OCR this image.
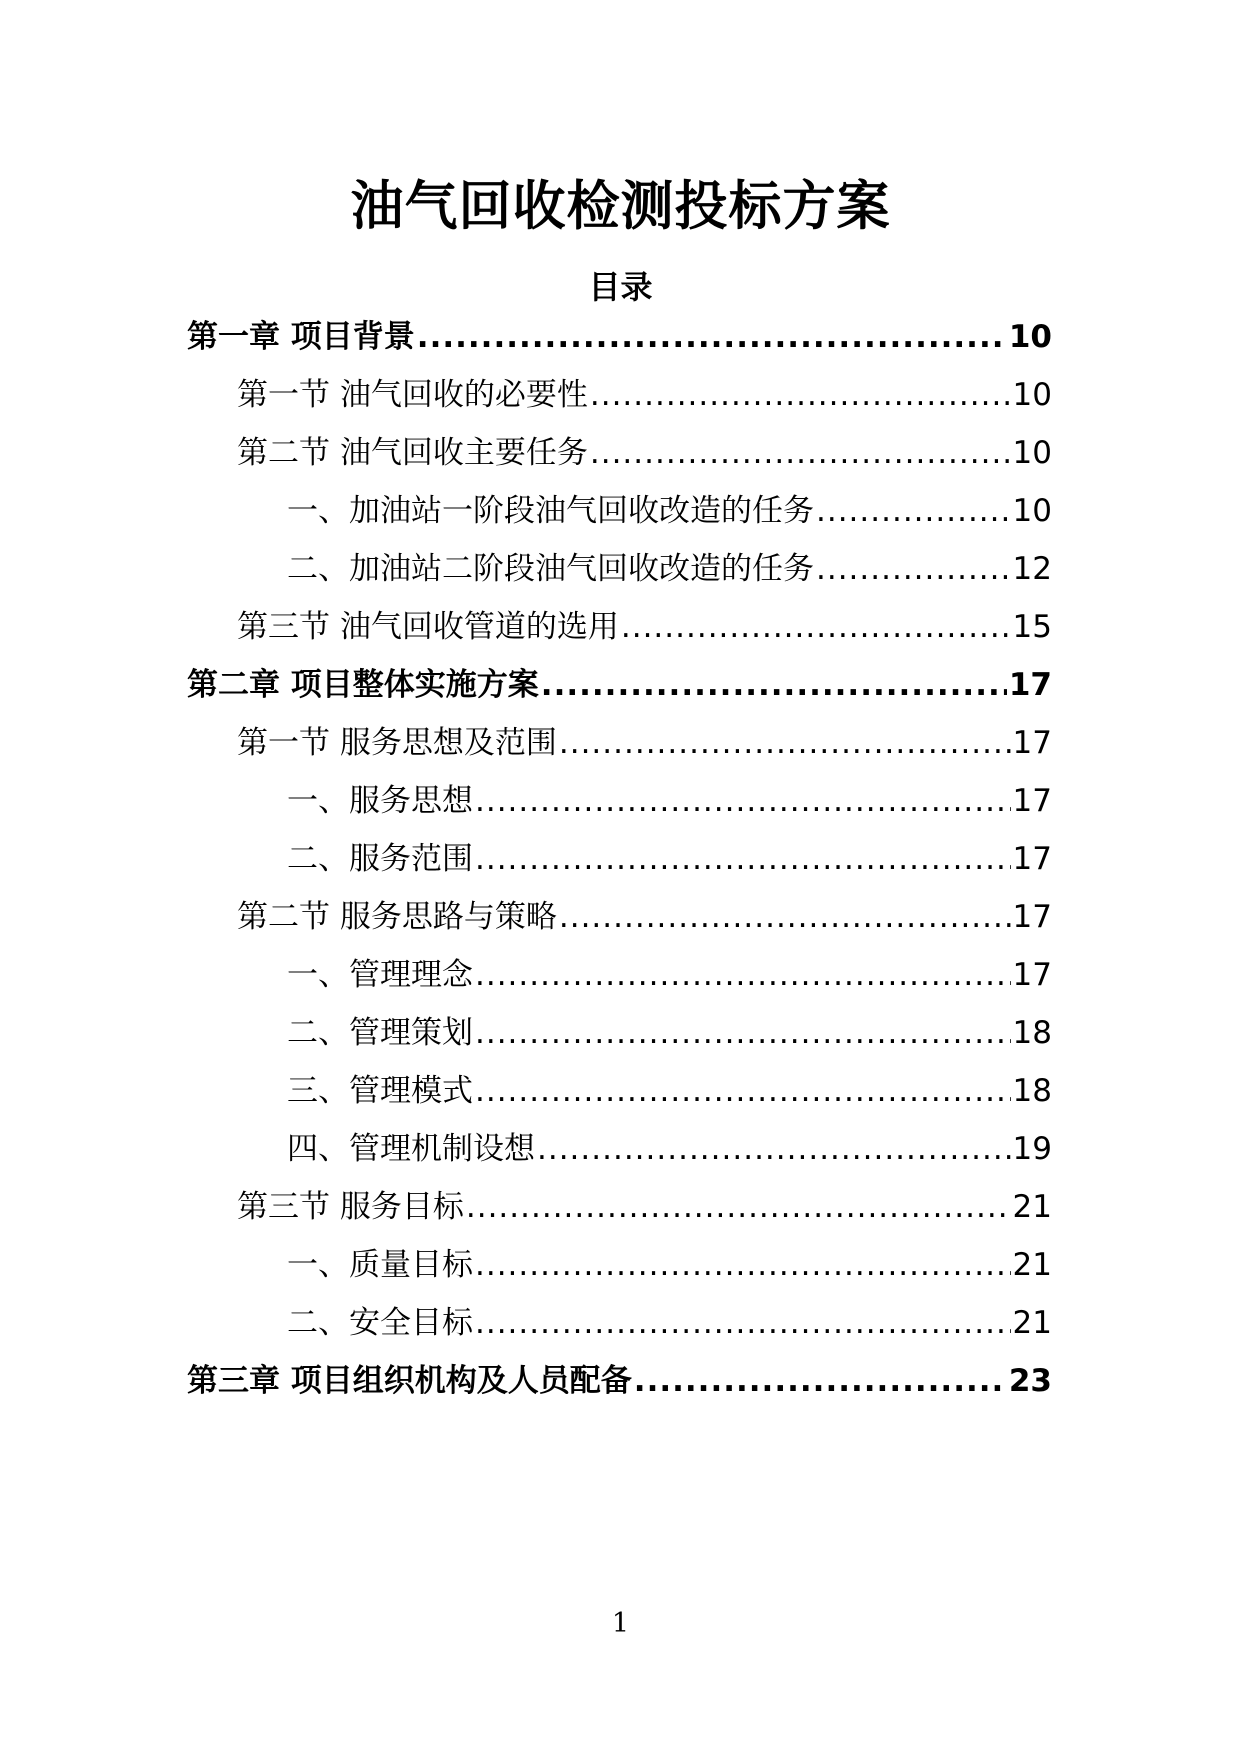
油气回收检测投标方案
目录
第一章 项目背景 .....	10
第一节 油气回收的必要性 .....	10
第二节 油气回收主要任务 .....	10
一、加油站一阶段油气回收改造的任务 .....	10
二、加油站二阶段油气回收改造的任务 .....	12
第三节 油气回收管道的选用 .....	15
第二章 项目整体实施方案 .....	17
第一节 服务思想及范围 .....	17
一、服务思想 .....	17
二、服务范围 .....	17
第二节 服务思路与策略 .....	17
一、管理理念 .....	17
二、管理策划 .....	18
三、管理模式 .....	18
四、管理机制设想 .....	19
第三节 服务目标 .....	21
一、质量目标 .....	21
二、安全目标 .....	21
第三章 项目组织机构及人员配备 .....	23
1
